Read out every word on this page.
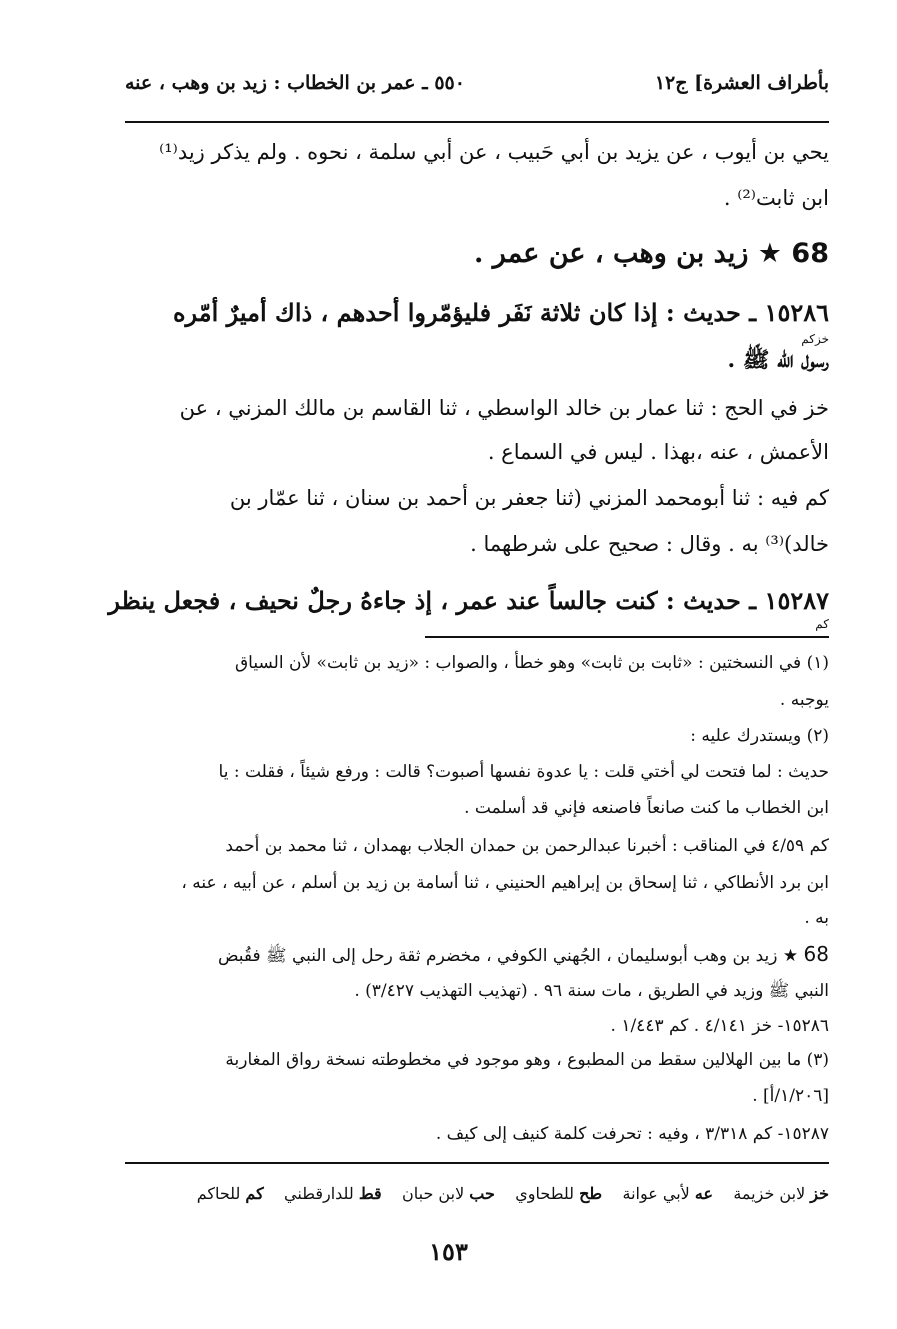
بأطراف العشرة] ج١٢
٥٥٠ ـ عمر بن الخطاب : زيد بن وهب ، عنه
يحي بن أيوب ، عن يزيد بن أبي حَبيب ، عن أبي سلمة ، نحوه . ولم يذكر زيد⁽¹⁾
ابن ثابت⁽²⁾ .
68 ★ زيد بن وهب ، عن عمر .
١٥٢٨٦ ـ حديث : إذا كان ثلاثة نَفَر فليؤمّروا أحدهم ، ذاك أميرٌ أمّره
خزكم
رسول الله ﷺ .
خز في الحج : ثنا عمار بن خالد الواسطي ، ثنا القاسم بن مالك المزني ، عن
الأعمش ، عنه ،بهذا . ليس في السماع .
كم فيه : ثنا أبومحمد المزني (ثنا جعفر بن أحمد بن سنان ، ثنا عمّار بن
خالد)⁽³⁾ به . وقال : صحيح على شرطهما .
١٥٢٨٧ ـ حديث : كنت جالساً عند عمر ، إذ جاءهُ رجلٌ نحيف ، فجعل ينظر
كم
(١) في النسختين : «ثابت بن ثابت» وهو خطأ ، والصواب : «زيد بن ثابت» لأن السياق
يوجبه .
(٢) ويستدرك عليه :
حديث : لما فتحت لي أختي قلت : يا عدوة نفسها أصبوت؟ قالت : ورفع شيئاً ، فقلت : يا
ابن الخطاب ما كنت صانعاً فاصنعه فإني قد أسلمت .
كم ٤/٥٩ في المناقب : أخبرنا عبدالرحمن بن حمدان الجلاب بهمدان ، ثنا محمد بن أحمد
ابن برد الأنطاكي ، ثنا إسحاق بن إبراهيم الحنيني ، ثنا أسامة بن زيد بن أسلم ، عن أبيه ، عنه ،
به .
68 ★ زيد بن وهب أبوسليمان ، الجُهني الكوفي ، مخضرم ثقة رحل إلى النبي ﷺ فقُبض
النبي ﷺ وزيد في الطريق ، مات سنة ٩٦ . (تهذيب التهذيب ٣/٤٢٧) .
١٥٢٨٦- خز ٤/١٤١ . كم ١/٤٤٣ .
(٣) ما بين الهلالين سقط من المطبوع ، وهو موجود في مخطوطته نسخة رواق المغاربة
[١/٢٠٦/أ] .
١٥٢٨٧- كم ٣/٣١٨ ، وفيه : تحرفت كلمة كنيف إلى كيف .
خز لابن خزيمة    عه لأبي عوانة    طح للطحاوي    حب لابن حبان    قط للدارقطني    كم للحاكم
١٥٣
